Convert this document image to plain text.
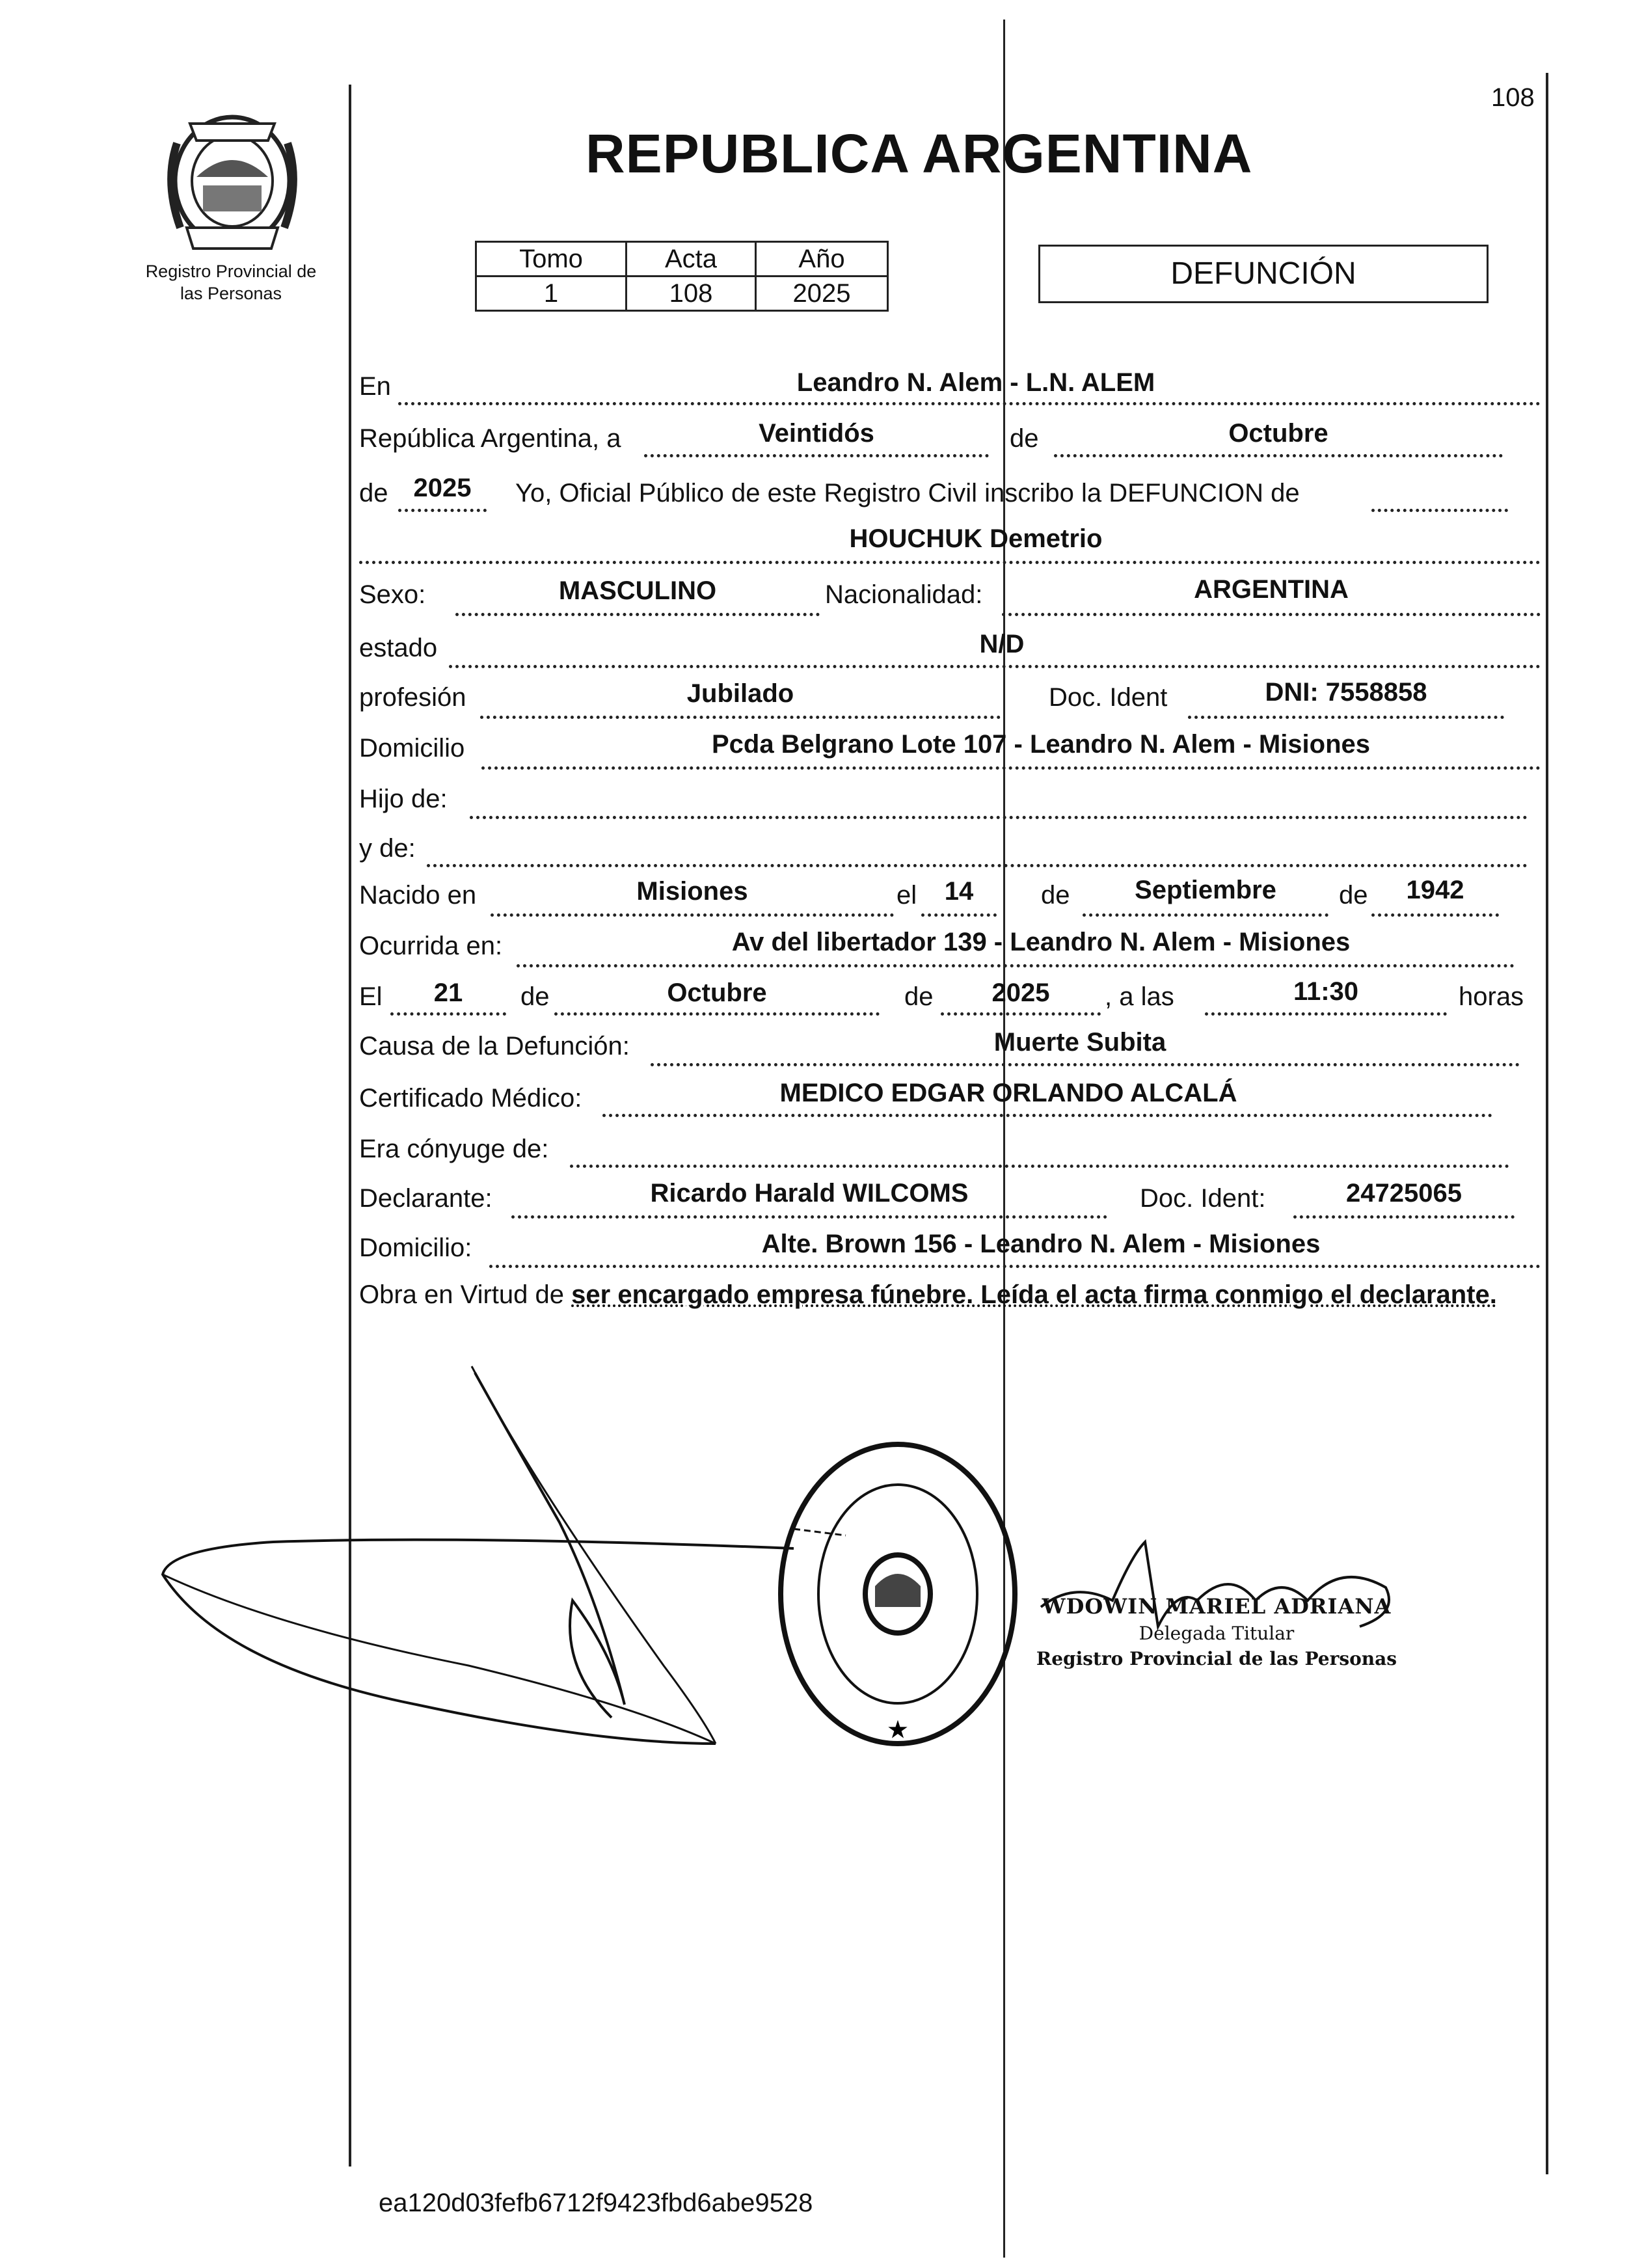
108
Registro Provincial de
las Personas
REPUBLICA ARGENTINA
Tomo	Acta	Año
1	108	2025
DEFUNCIÓN
En	Leandro N. Alem - L.N. ALEM
República Argentina, a	Veintidós	de	Octubre
de 2025	Yo, Oficial Público de este Registro Civil inscribo la DEFUNCION de
HOUCHUK Demetrio
Sexo:	MASCULINO	Nacionalidad:	ARGENTINA
estado	N/D
profesión	Jubilado	Doc. Ident	DNI: 7558858
Domicilio	Pcda Belgrano Lote 107 - Leandro N. Alem - Misiones
Hijo de:
y de:
Nacido en	Misiones	el	14	de	Septiembre	de	1942
Ocurrida en:	Av del libertador 139 - Leandro N. Alem - Misiones
El	21	de	Octubre	de	2025	, a las	11:30	horas
Causa de la Defunción:	Muerte Subita
Certificado Médico:	MEDICO EDGAR ORLANDO ALCALÁ
Era cónyuge de:
Declarante:	Ricardo Harald WILCOMS	Doc. Ident:	24725065
Domicilio:	Alte. Brown 156 - Leandro N. Alem - Misiones
Obra en Virtud de ser encargado empresa fúnebre. Leída el acta firma conmigo el declarante.
★
WDOWIN MARIEL ADRIANA
Delegada Titular
Registro Provincial de las Personas
ea120d03fefb6712f9423fbd6abe9528
